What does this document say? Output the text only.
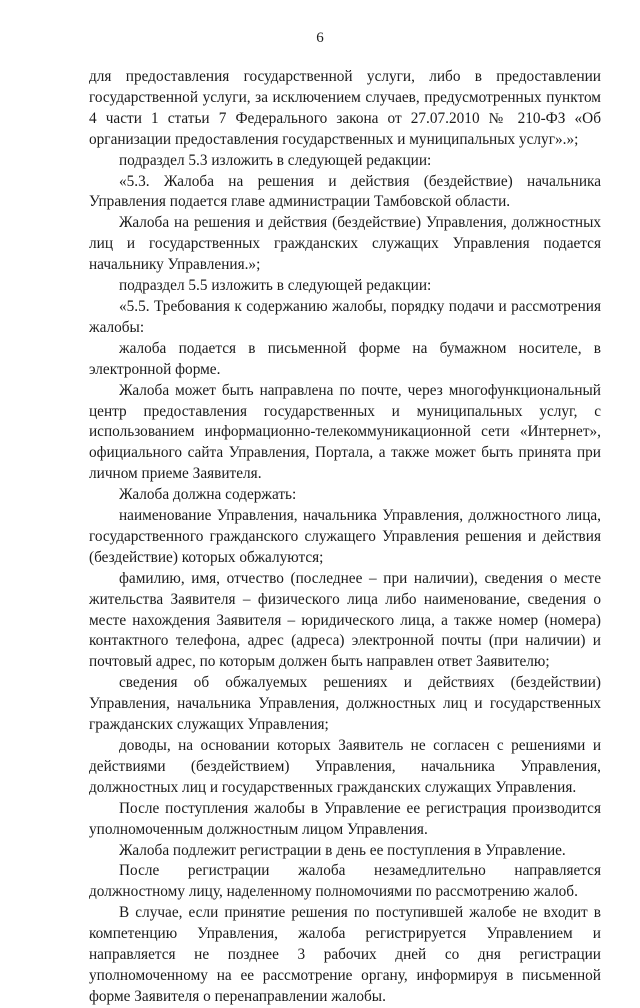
6

для предоставления государственной услуги, либо в предоставлении государственной услуги, за исключением случаев, предусмотренных пунктом 4 части 1 статьи 7 Федерального закона от 27.07.2010 № 210-ФЗ «Об организации предоставления государственных и муниципальных услуг».»;

подраздел 5.3 изложить в следующей редакции:

«5.3. Жалоба на решения и действия (бездействие) начальника Управления подается главе администрации Тамбовской области.

Жалоба на решения и действия (бездействие) Управления, должностных лиц и государственных гражданских служащих Управления подается начальнику Управления.»;

подраздел 5.5 изложить в следующей редакции:

«5.5. Требования к содержанию жалобы, порядку подачи и рассмотрения жалобы:

жалоба подается в письменной форме на бумажном носителе, в электронной форме.

Жалоба может быть направлена по почте, через многофункциональный центр предоставления государственных и муниципальных услуг, с использованием информационно-телекоммуникационной сети «Интернет», официального сайта Управления, Портала, а также может быть принята при личном приеме Заявителя.

Жалоба должна содержать:

наименование Управления, начальника Управления, должностного лица, государственного гражданского служащего Управления решения и действия (бездействие) которых обжалуются;

фамилию, имя, отчество (последнее – при наличии), сведения о месте жительства Заявителя – физического лица либо наименование, сведения о месте нахождения Заявителя – юридического лица, а также номер (номера) контактного телефона, адрес (адреса) электронной почты (при наличии) и почтовый адрес, по которым должен быть направлен ответ Заявителю;

сведения об обжалуемых решениях и действиях (бездействии) Управления, начальника Управления, должностных лиц и государственных гражданских служащих Управления;

доводы, на основании которых Заявитель не согласен с решениями и действиями (бездействием) Управления, начальника Управления, должностных лиц и государственных гражданских служащих Управления.

После поступления жалобы в Управление ее регистрация производится уполномоченным должностным лицом Управления.

Жалоба подлежит регистрации в день ее поступления в Управление.

После регистрации жалоба незамедлительно направляется должностному лицу, наделенному полномочиями по рассмотрению жалоб.

В случае, если принятие решения по поступившей жалобе не входит в компетенцию Управления, жалоба регистрируется Управлением и направляется не позднее 3 рабочих дней со дня регистрации уполномоченному на ее рассмотрение органу, информируя в письменной форме Заявителя о перенаправлении жалобы.
